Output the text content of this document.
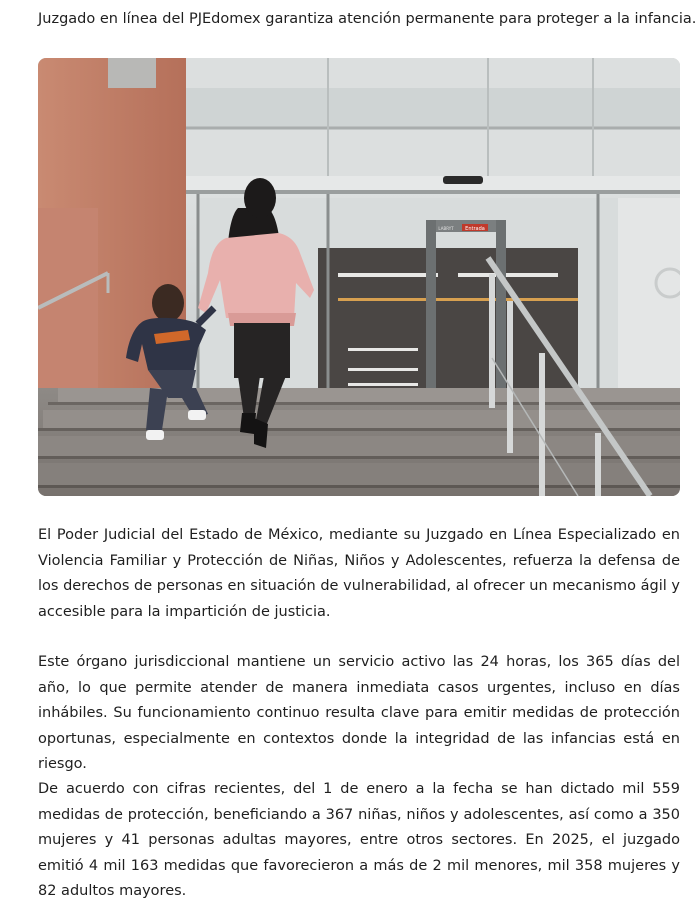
Juzgado en línea del PJEdomex garantiza atención permanente para proteger a la infancia.
Entrada
LABRYT

El Poder Judicial del Estado de México, mediante su Juzgado en Línea Especializado en Violencia Familiar y Protección de Niñas, Niños y Adolescentes, refuerza la defensa de los derechos de personas en situación de vulnerabilidad, al ofrecer un mecanismo ágil y accesible para la impartición de justicia.

Este órgano jurisdiccional mantiene un servicio activo las 24 horas, los 365 días del año, lo que permite atender de manera inmediata casos urgentes, incluso en días inhábiles. Su funcionamiento continuo resulta clave para emitir medidas de protección oportunas, especialmente en contextos donde la integridad de las infancias está en riesgo.

De acuerdo con cifras recientes, del 1 de enero a la fecha se han dictado mil 559 medidas de protección, beneficiando a 367 niñas, niños y adolescentes, así como a 350 mujeres y 41 personas adultas mayores, entre otros sectores. En 2025, el juzgado emitió 4 mil 163 medidas que favorecieron a más de 2 mil menores, mil 358 mujeres y 82 adultos mayores.
